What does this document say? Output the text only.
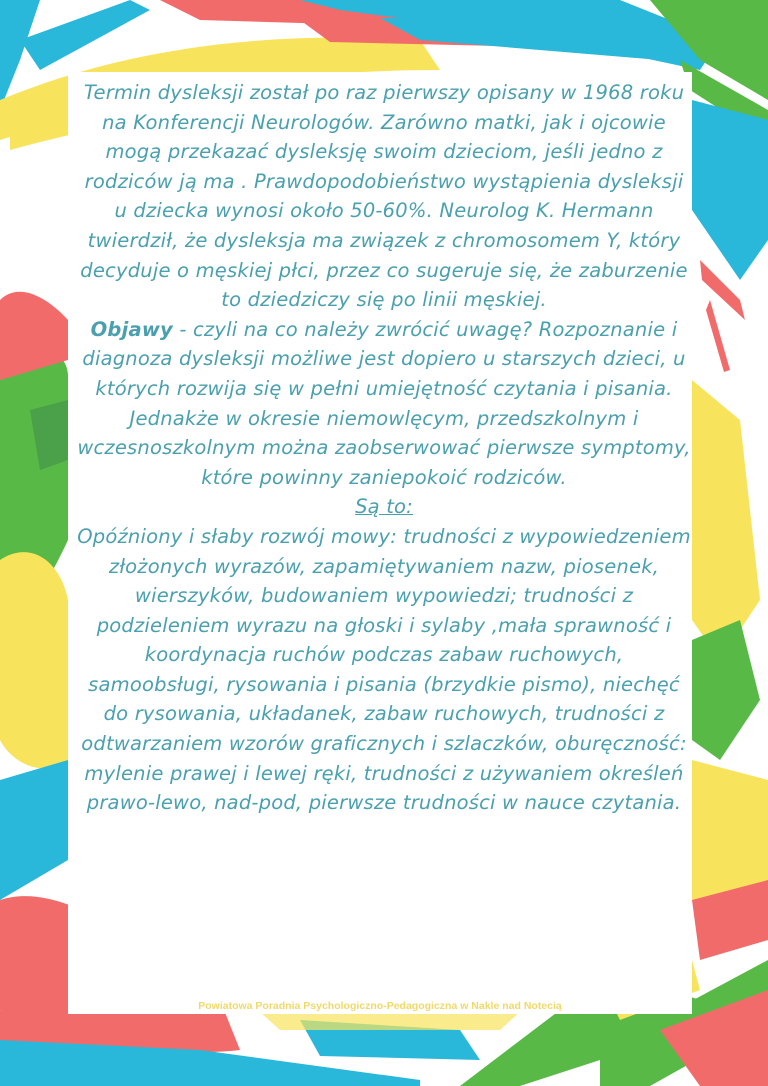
Termin dysleksji został po raz pierwszy opisany w 1968 roku na Konferencji Neurologów. Zarówno matki, jak i ojcowie mogą przekazać dysleksję swoim dzieciom, jeśli jedno z rodziców ją ma . Prawdopodobieństwo wystąpienia dysleksji u dziecka wynosi około 50-60%. Neurolog K. Hermann twierdził, że dysleksja ma związek z chromosomem Y, który decyduje o męskiej płci, przez co sugeruje się, że zaburzenie to dziedziczy się po linii męskiej.

Objawy - czyli na co należy zwrócić uwagę? Rozpoznanie i diagnoza dysleksji możliwe jest dopiero u starszych dzieci, u których rozwija się w pełni umiejętność czytania i pisania. Jednakże w okresie niemowlęcym, przedszkolnym i wczesnoszkolnym można zaobserwować pierwsze symptomy, które powinny zaniepokoić rodziców.

Są to:

Opóźniony i słaby rozwój mowy: trudności z wypowiedzeniem złożonych wyrazów, zapamiętywaniem nazw, piosenek, wierszyków, budowaniem wypowiedzi; trudności z podzieleniem wyrazu na głoski i sylaby ,mała sprawność i koordynacja ruchów podczas zabaw ruchowych, samoobsługi, rysowania i pisania (brzydkie pismo), niechęć do rysowania, układanek, zabaw ruchowych, trudności z odtwarzaniem wzorów graficznych i szlaczków, oburęczność: mylenie prawej i lewej ręki, trudności z używaniem określeń prawo-lewo, nad-pod, pierwsze trudności w nauce czytania.

Powiatowa Poradnia Psychologiczno-Pedagogiczna w Nakle nad Notecią
